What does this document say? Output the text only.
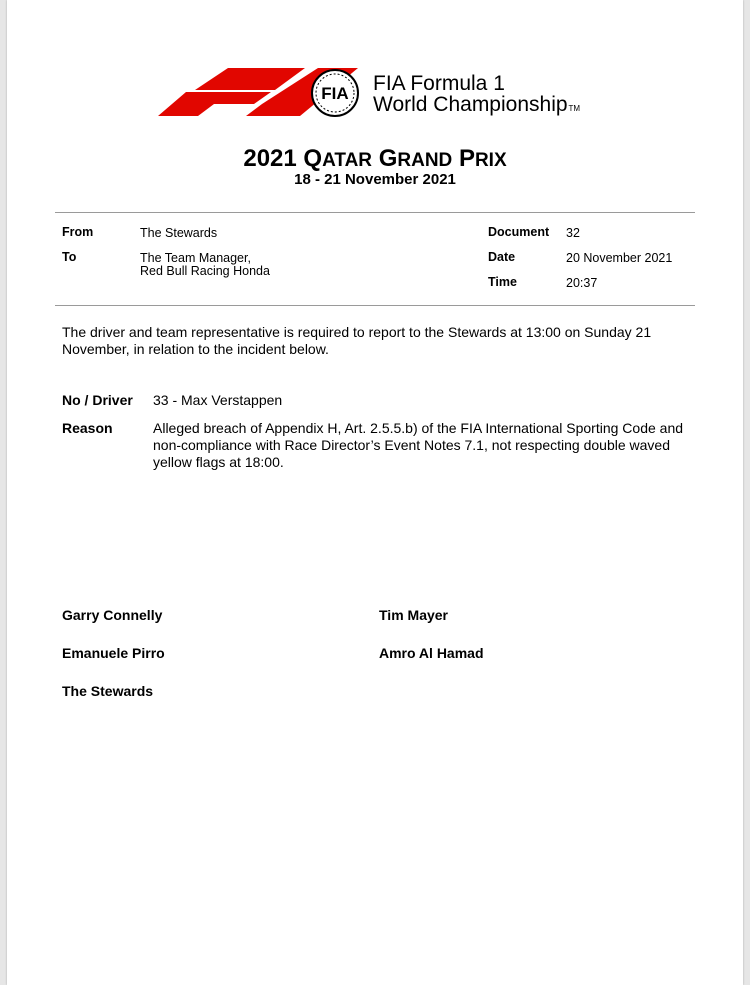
FIA FIA Formula 1
World ChampionshipTM
2021 QATAR GRAND PRIX
18 - 21 November 2021
From	The Stewards
To	The Team Manager,
Red Bull Racing Honda
Document 32
Date	20 November 2021
Time	20:37
The driver and team representative is required to report to the Stewards at 13:00 on Sunday 21 November, in relation to the incident below.
No / Driver 33 - Max Verstappen
Reason	Alleged breach of Appendix H, Art. 2.5.5.b) of the FIA International Sporting Code and non-compliance with Race Director’s Event Notes 7.1, not respecting double waved yellow flags at 18:00.
Garry Connelly	Tim Mayer
Emanuele Pirro	Amro Al Hamad
The Stewards
